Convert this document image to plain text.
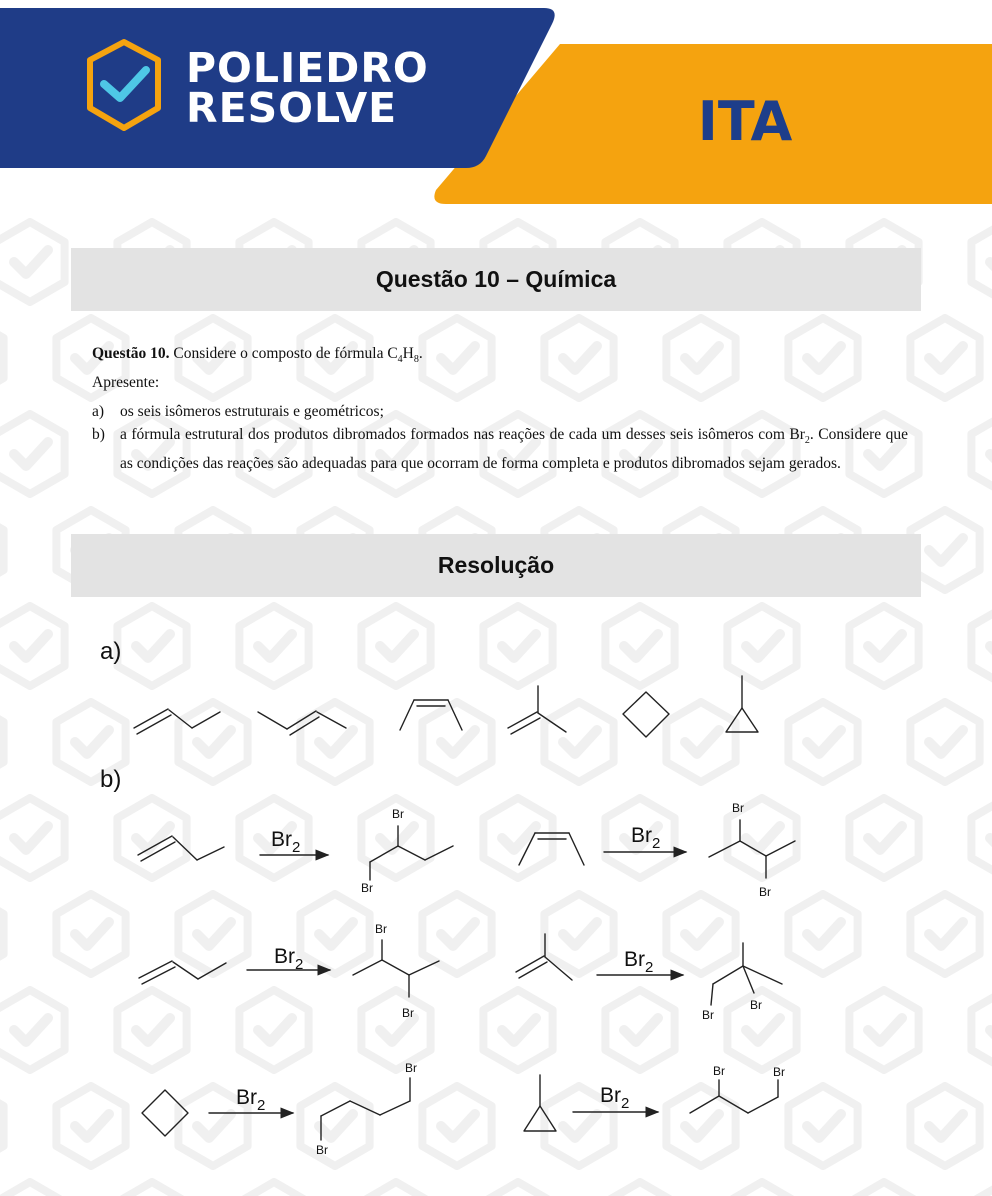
POLIEDRO
RESOLVE	ITA
Questão 10 – Química
Questão 10. Considere o composto de fórmula $C_4H_8$.
Apresente:
a)	os seis isômeros estruturais e geométricos;
b) a fórmula estrutural dos produtos dibromados formados nas reações de cada um desses seis isômeros com $Br_2$. Considere que as condições das reações são adequadas para que ocorram de forma completa e produtos dibromados sejam gerados.
Resolução
a)
b)
$Br_2$
$Br_2$
$Br_2$	$Br_2$
$Br_2$	$Br_2$
Br
Br
Br
Br
Br
Br	Br
Br
Br
Br
Br	Br
